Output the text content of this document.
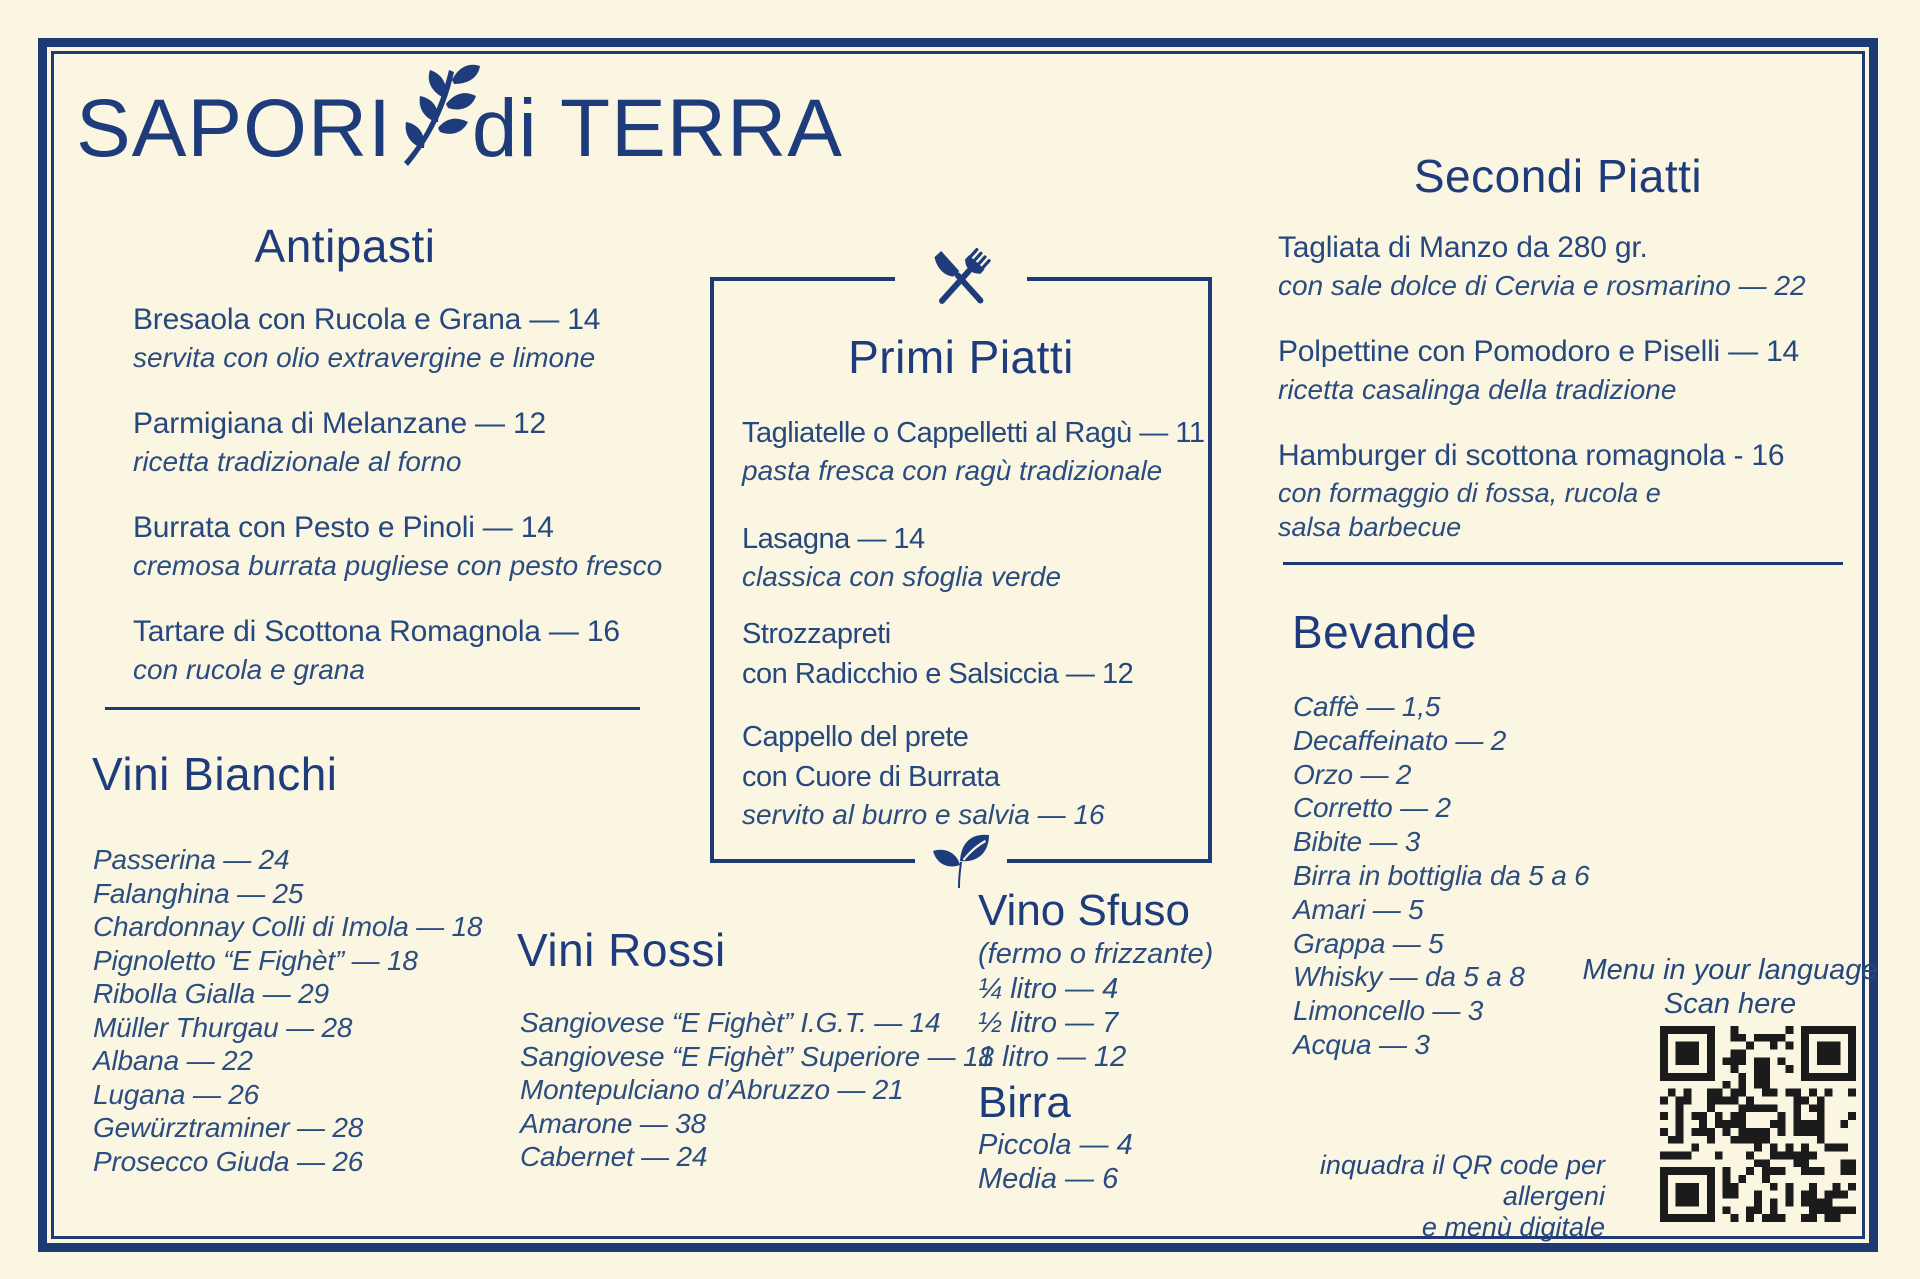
SAPORI di TERRA
Antipasti
Bresaola con Rucola e Grana — 14
servita con olio extravergine e limone
Parmigiana di Melanzane — 12
ricetta tradizionale al forno
Burrata con Pesto e Pinoli — 14
cremosa burrata pugliese con pesto fresco
Tartare di Scottona Romagnola — 16
con rucola e grana
Vini Bianchi
Passerina — 24
Falanghina — 25
Chardonnay Colli di Imola — 18
Pignoletto “E Fighèt” — 18
Ribolla Gialla — 29
Müller Thurgau — 28
Albana — 22
Lugana — 26
Gewürztraminer — 28
Prosecco Giuda — 26
Primi Piatti
Tagliatelle o Cappelletti al Ragù — 11
pasta fresca con ragù tradizionale
Lasagna — 14
classica con sfoglia verde
Strozzapreti
con Radicchio e Salsiccia — 12
Cappello del prete
con Cuore di Burrata
servito al burro e salvia — 16
Vini Rossi
Sangiovese “E Fighèt” I.G.T. — 14
Sangiovese “E Fighèt” Superiore — 18
Montepulciano d’Abruzzo — 21
Amarone — 38
Cabernet — 24
Vino Sfuso
(fermo o frizzante)
¼ litro — 4
½ litro — 7
1 litro — 12
Birra
Piccola — 4
Media — 6
Secondi Piatti
Tagliata di Manzo da 280 gr.
con sale dolce di Cervia e rosmarino — 22
Polpettine con Pomodoro e Piselli — 14
ricetta casalinga della tradizione
Hamburger di scottona romagnola - 16
con formaggio di fossa, rucola e
salsa barbecue
Bevande
Caffè — 1,5
Decaffeinato — 2
Orzo — 2
Corretto — 2
Bibite — 3
Birra in bottiglia da 5 a 6
Amari — 5
Grappa — 5
Whisky — da 5 a 8
Limoncello — 3
Acqua — 3
Menu in your language
Scan here
inquadra il QR code per allergeni
e menù digitale
